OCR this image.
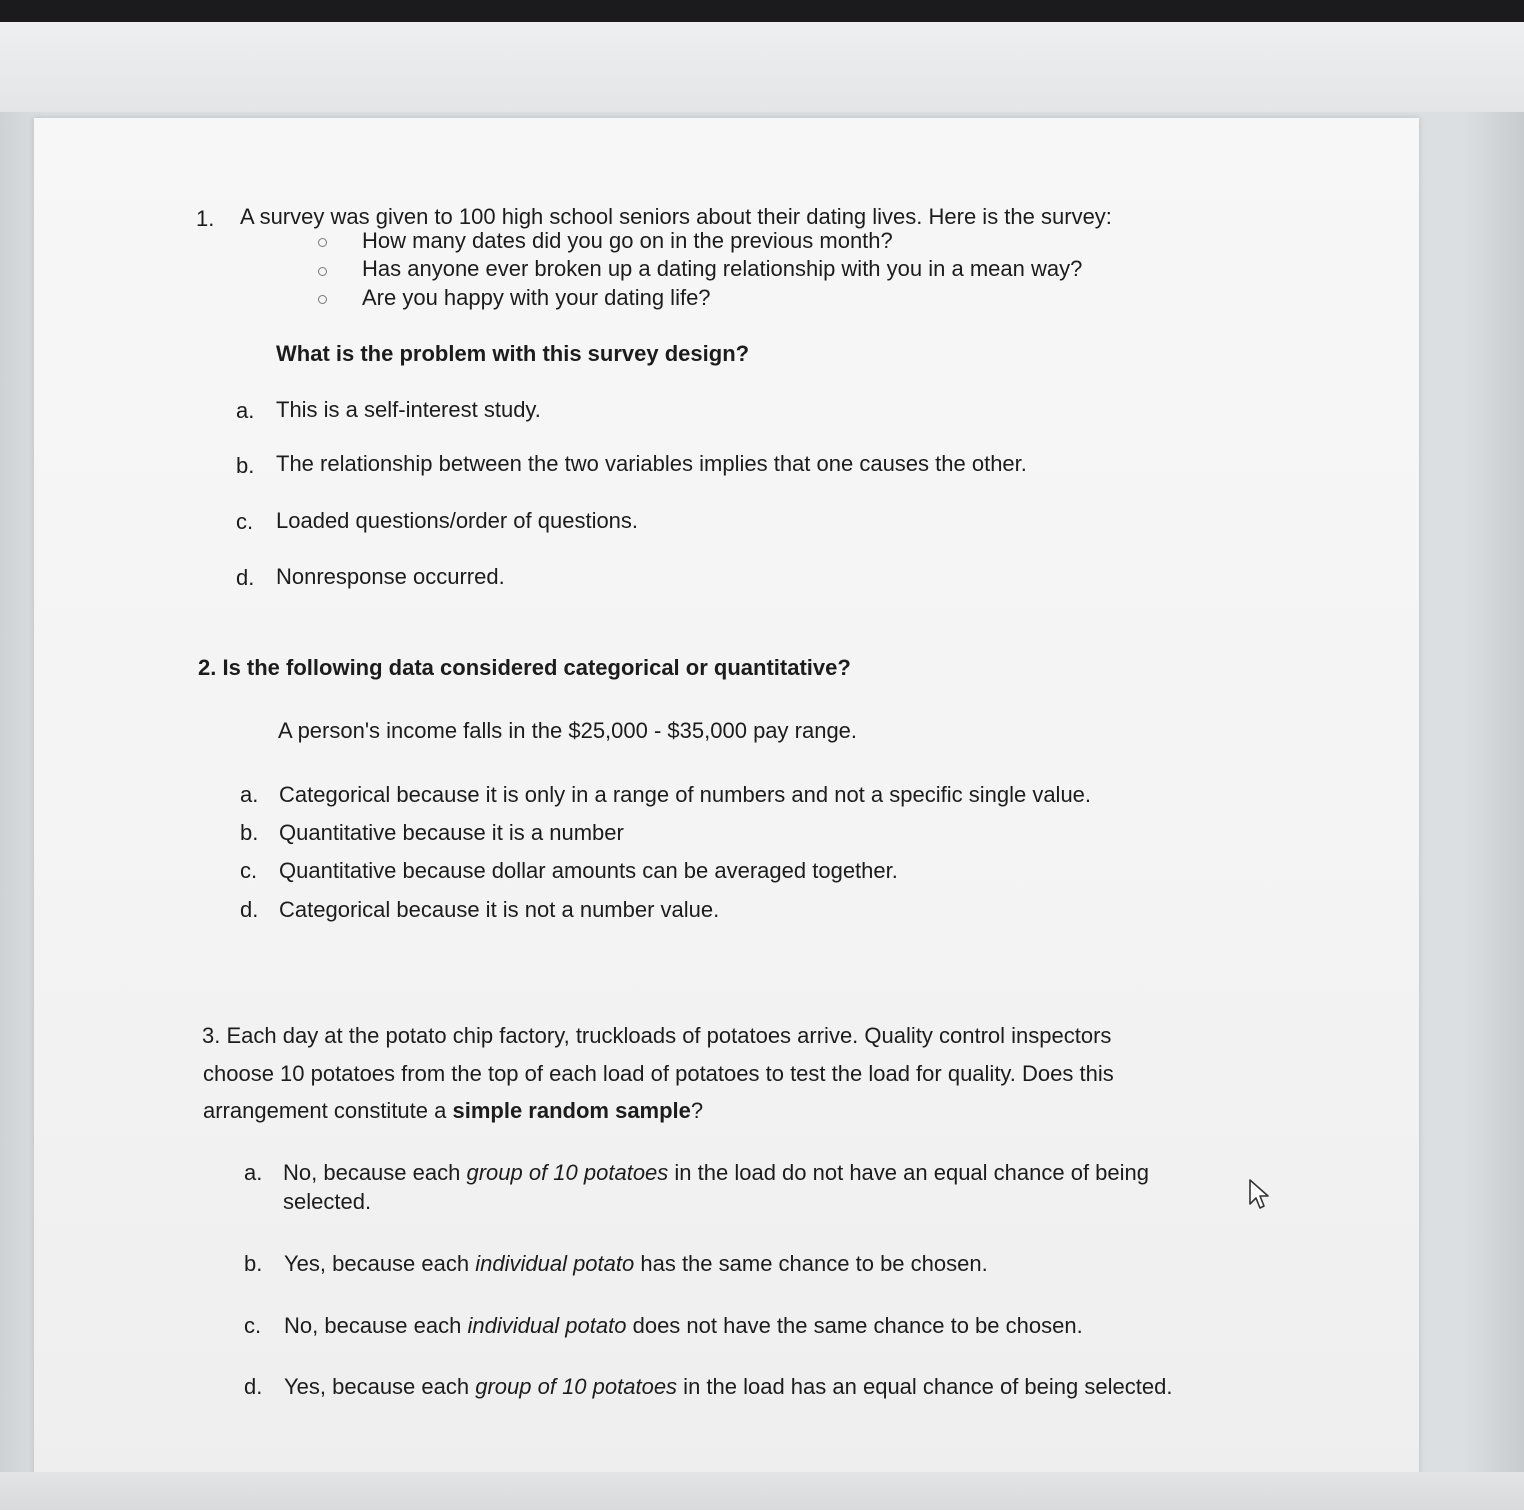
1. A survey was given to 100 high school seniors about their dating lives. Here is the survey:
How many dates did you go on in the previous month?
Has anyone ever broken up a dating relationship with you in a mean way?
Are you happy with your dating life?
What is the problem with this survey design?
a. This is a self-interest study.
b. The relationship between the two variables implies that one causes the other.
c. Loaded questions/order of questions.
d. Nonresponse occurred.
2. Is the following data considered categorical or quantitative?
A person's income falls in the $25,000 - $35,000 pay range.
a. Categorical because it is only in a range of numbers and not a specific single value.
b. Quantitative because it is a number
c. Quantitative because dollar amounts can be averaged together.
d. Categorical because it is not a number value.
3. Each day at the potato chip factory, truckloads of potatoes arrive. Quality control inspectors
choose 10 potatoes from the top of each load of potatoes to test the load for quality. Does this
arrangement constitute a simple random sample?
a. No, because each group of 10 potatoes in the load do not have an equal chance of being
selected.
b. Yes, because each individual potato has the same chance to be chosen.
c. No, because each individual potato does not have the same chance to be chosen.
d. Yes, because each group of 10 potatoes in the load has an equal chance of being selected.
